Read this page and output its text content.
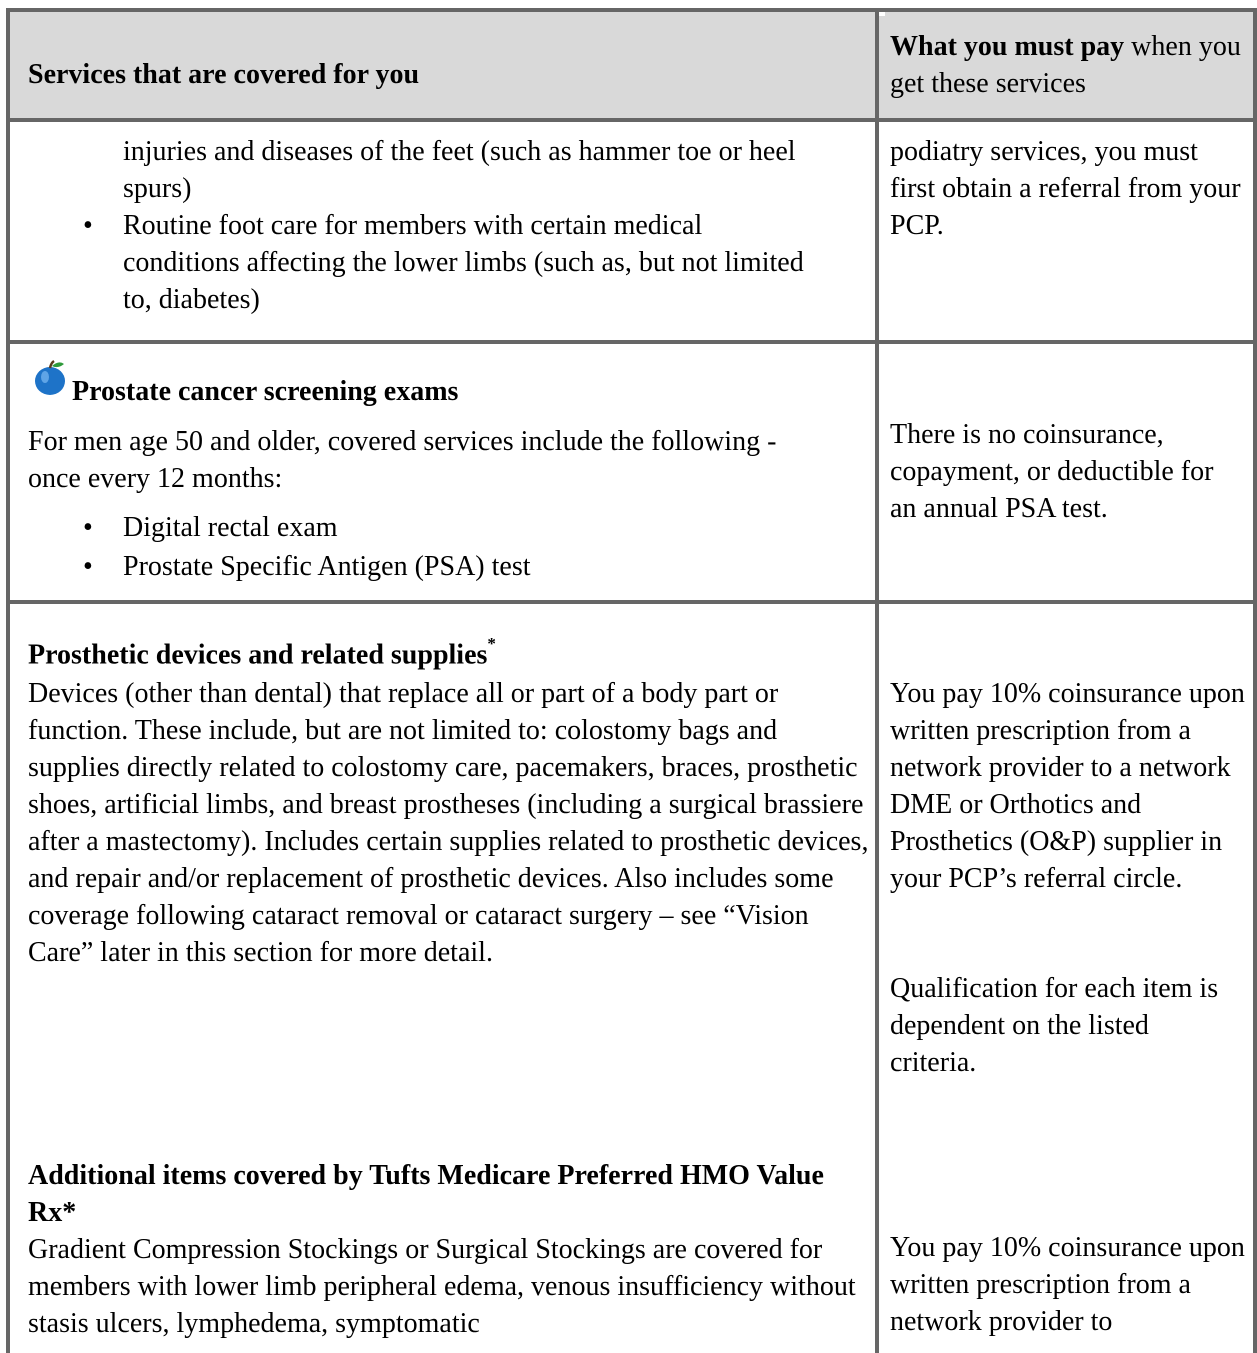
Services that are covered for you
What you must pay when you get these services
injuries and diseases of the feet (such as hammer toe or heel spurs)
• Routine foot care for members with certain medical conditions affecting the lower limbs (such as, but not limited to, diabetes)
podiatry services, you must first obtain a referral from your PCP.
Prostate cancer screening exams
For men age 50 and older, covered services include the following - once every 12 months:
• Digital rectal exam
• Prostate Specific Antigen (PSA) test
There is no coinsurance, copayment, or deductible for an annual PSA test.
Prosthetic devices and related supplies*
Devices (other than dental) that replace all or part of a body part or function. These include, but are not limited to: colostomy bags and supplies directly related to colostomy care, pacemakers, braces, prosthetic shoes, artificial limbs, and breast prostheses (including a surgical brassiere after a mastectomy). Includes certain supplies related to prosthetic devices, and repair and/or replacement of prosthetic devices. Also includes some coverage following cataract removal or cataract surgery – see “Vision Care” later in this section for more detail.
You pay 10% coinsurance upon written prescription from a network provider to a network DME or Orthotics and Prosthetics (O&P) supplier in your PCP’s referral circle.
Qualification for each item is dependent on the listed criteria.
Additional items covered by Tufts Medicare Preferred HMO Value Rx*
Gradient Compression Stockings or Surgical Stockings are covered for members with lower limb peripheral edema, venous insufficiency without stasis ulcers, lymphedema, symptomatic
You pay 10% coinsurance upon written prescription from a network provider to
